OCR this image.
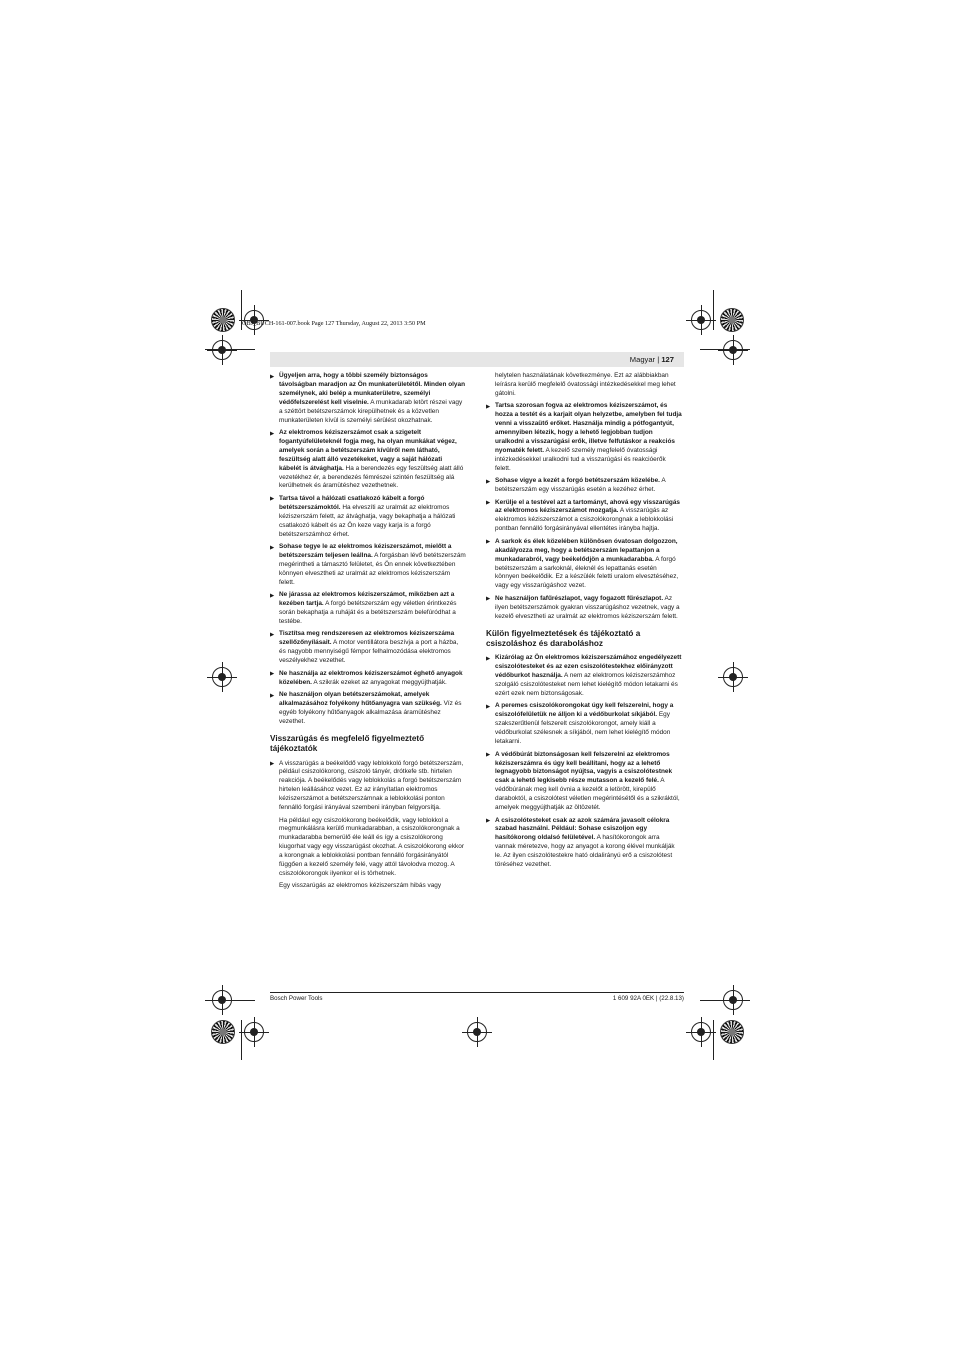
OBJ_BUCH-161-007.book Page 127 Thursday, August 22, 2013 3:50 PM
Magyar | 127
▶ Ügyeljen arra, hogy a többi személy biztonságos távolságban maradjon az Ön munkaterületétől. Minden olyan személynek, aki belép a munkaterületre, személyi védőfelszerelést kell viselnie. A munkadarab letört részei vagy a széttört betétszerszámok kirepülhetnek és a közvetlen munkaterületen kívül is személyi sérülést okozhatnak.
▶ Az elektromos kéziszerszámot csak a szigetelt fogantyúfelületeknél fogja meg, ha olyan munkákat végez, amelyek során a betétszerszám kívülről nem látható, feszültség alatt álló vezetékeket, vagy a saját hálózati kábelét is átvághatja. Ha a berendezés egy feszültség alatt álló vezetékhez ér, a berendezés fémrészei szintén feszültség alá kerülhetnek és áramütéshez vezethetnek.
▶ Tartsa távol a hálózati csatlakozó kábelt a forgó betétszerszámoktól. Ha elveszíti az uralmát az elektromos kéziszerszám felett, az átvághatja, vagy bekaphatja a hálózati csatlakozó kábelt és az Ön keze vagy karja is a forgó betétszerszámhoz érhet.
▶ Sohase tegye le az elektromos kéziszerszámot, mielőtt a betétszerszám teljesen leállna. A forgásban lévő betétszerszám megérintheti a támasztó felületet, és Ön ennek következtében könnyen elvesztheti az uralmát az elektromos kéziszerszám felett.
▶ Ne járassa az elektromos kéziszerszámot, miközben azt a kezében tartja. A forgó betétszerszám egy véletlen érintkezés során bekaphatja a ruháját és a betétszerszám belefúródhat a testébe.
▶ Tisztítsa meg rendszeresen az elektromos kéziszerszáma szellőzőnyílásait. A motor ventillátora beszívja a port a házba, és nagyobb mennyiségű fémpor felhalmozódása elektromos veszélyekhez vezethet.
▶ Ne használja az elektromos kéziszerszámot éghető anyagok közelében. A szikrák ezeket az anyagokat meggyújthatják.
▶ Ne használjon olyan betétszerszámokat, amelyek alkalmazásához folyékony hűtőanyagra van szükség. Víz és egyéb folyékony hűtőanyagok alkalmazása áramütéshez vezethet.
Visszarúgás és megfelelő figyelmeztető tájékoztatók
▶ A visszarúgás a beékelődő vagy leblokkoló forgó betétszerszám, például csiszolókorong, csiszoló tányér, drótkefe stb. hirtelen reakciója. A beékelődés vagy leblokkolás a forgó betétszerszám hirtelen leállásához vezet. Ez az irányítatlan elektromos kéziszerszámot a betétszerszámnak a leblokkolási ponton fennálló forgási irányával szembeni irányban felgyorsítja.
Ha például egy csiszolókorong beékelődik, vagy leblokkol a megmunkálásra kerülő munkadarabban, a csiszolókorongnak a munkadarabba bemerülő éle leáll és így a csiszolókorong kiugorhat vagy egy visszarúgást okozhat. A csiszolókorong ekkor a korongnak a leblokkolási pontban fennálló forgásirányától függően a kezelő személy felé, vagy attól távolodva mozog. A csiszolókorongok ilyenkor el is törhetnek.
Egy visszarúgás az elektromos kéziszerszám hibás vagy
helytelen használatának következménye. Ezt az alábbiakban leírásra kerülő megfelelő óvatossági intézkedésekkel meg lehet gátolni.
▶ Tartsa szorosan fogva az elektromos kéziszerszámot, és hozza a testét és a karjait olyan helyzetbe, amelyben fel tudja venni a visszaütő erőket. Használja mindig a pótfogantyút, amennyiben létezik, hogy a lehető legjobban tudjon uralkodni a visszarúgási erők, illetve felfutáskor a reakciós nyomaték felett. A kezelő személy megfelelő óvatossági intézkedésekkel uralkodni tud a visszarúgási és reakcióerők felett.
▶ Sohase vigye a kezét a forgó betétszerszám közelébe. A betétszerszám egy visszarúgás esetén a kezéhez érhet.
▶ Kerülje el a testével azt a tartományt, ahová egy visszarúgás az elektromos kéziszerszámot mozgatja. A visszarúgás az elektromos kéziszerszámot a csiszolókorongnak a leblokkolási pontban fennálló forgásirányával ellentétes irányba hajtja.
▶ A sarkok és élek közelében különösen óvatosan dolgozzon, akadályozza meg, hogy a betétszerszám lepattanjon a munkadarabról, vagy beékelődjön a munkadarabba. A forgó betétszerszám a sarkoknál, éleknél és lepattanás esetén könnyen beékelődik. Ez a készülék feletti uralom elvesztéséhez, vagy egy visszarúgáshoz vezet.
▶ Ne használjon fafűrészlapot, vagy fogazott fűrészlapot. Az ilyen betétszerszámok gyakran visszarúgáshoz vezetnek, vagy a kezelő elvesztheti az uralmát az elektromos kéziszerszám felett.
Külön figyelmeztetések és tájékoztató a csiszoláshoz és daraboláshoz
▶ Kizárólag az Ön elektromos kéziszerszámához engedélyezett csiszolótesteket és az ezen csiszolótestekhez előirányzott védőburkot használja. A nem az elektromos kéziszerszámhoz szolgáló csiszolótesteket nem lehet kielégítő módon letakarni és ezért ezek nem biztonságosak.
▶ A peremes csiszolókorongokat úgy kell felszerelni, hogy a csiszolófelületük ne álljon ki a védőburkolat síkjából. Egy szakszerűtlenül felszerelt csiszolókorongot, amely kiáll a védőburkolat szélesnek a síkjából, nem lehet kielégítő módon letakarni.
▶ A védőbúrát biztonságosan kell felszerelni az elektromos kéziszerszámra és úgy kell beállítani, hogy az a lehető legnagyobb biztonságot nyújtsa, vagyis a csiszolótestnek csak a lehető legkisebb része mutasson a kezelő felé. A védőbúrának meg kell óvnia a kezelőt a letörött, kirepülő daraboktól, a csiszolótest véletlen megérintésétől és a szikráktól, amelyek meggyújthatják az öltözetét.
▶ A csiszolótesteket csak az azok számára javasolt célokra szabad használni. Például: Sohase csiszoljon egy hasítókorong oldalsó felületével. A hasítókorongok arra vannak méretezve, hogy az anyagot a korong élével munkálják le. Az ilyen csiszolótestekre ható oldalirányú erő a csiszolótest töréséhez vezethet.
Bosch Power Tools	1 609 92A 0EK | (22.8.13)
